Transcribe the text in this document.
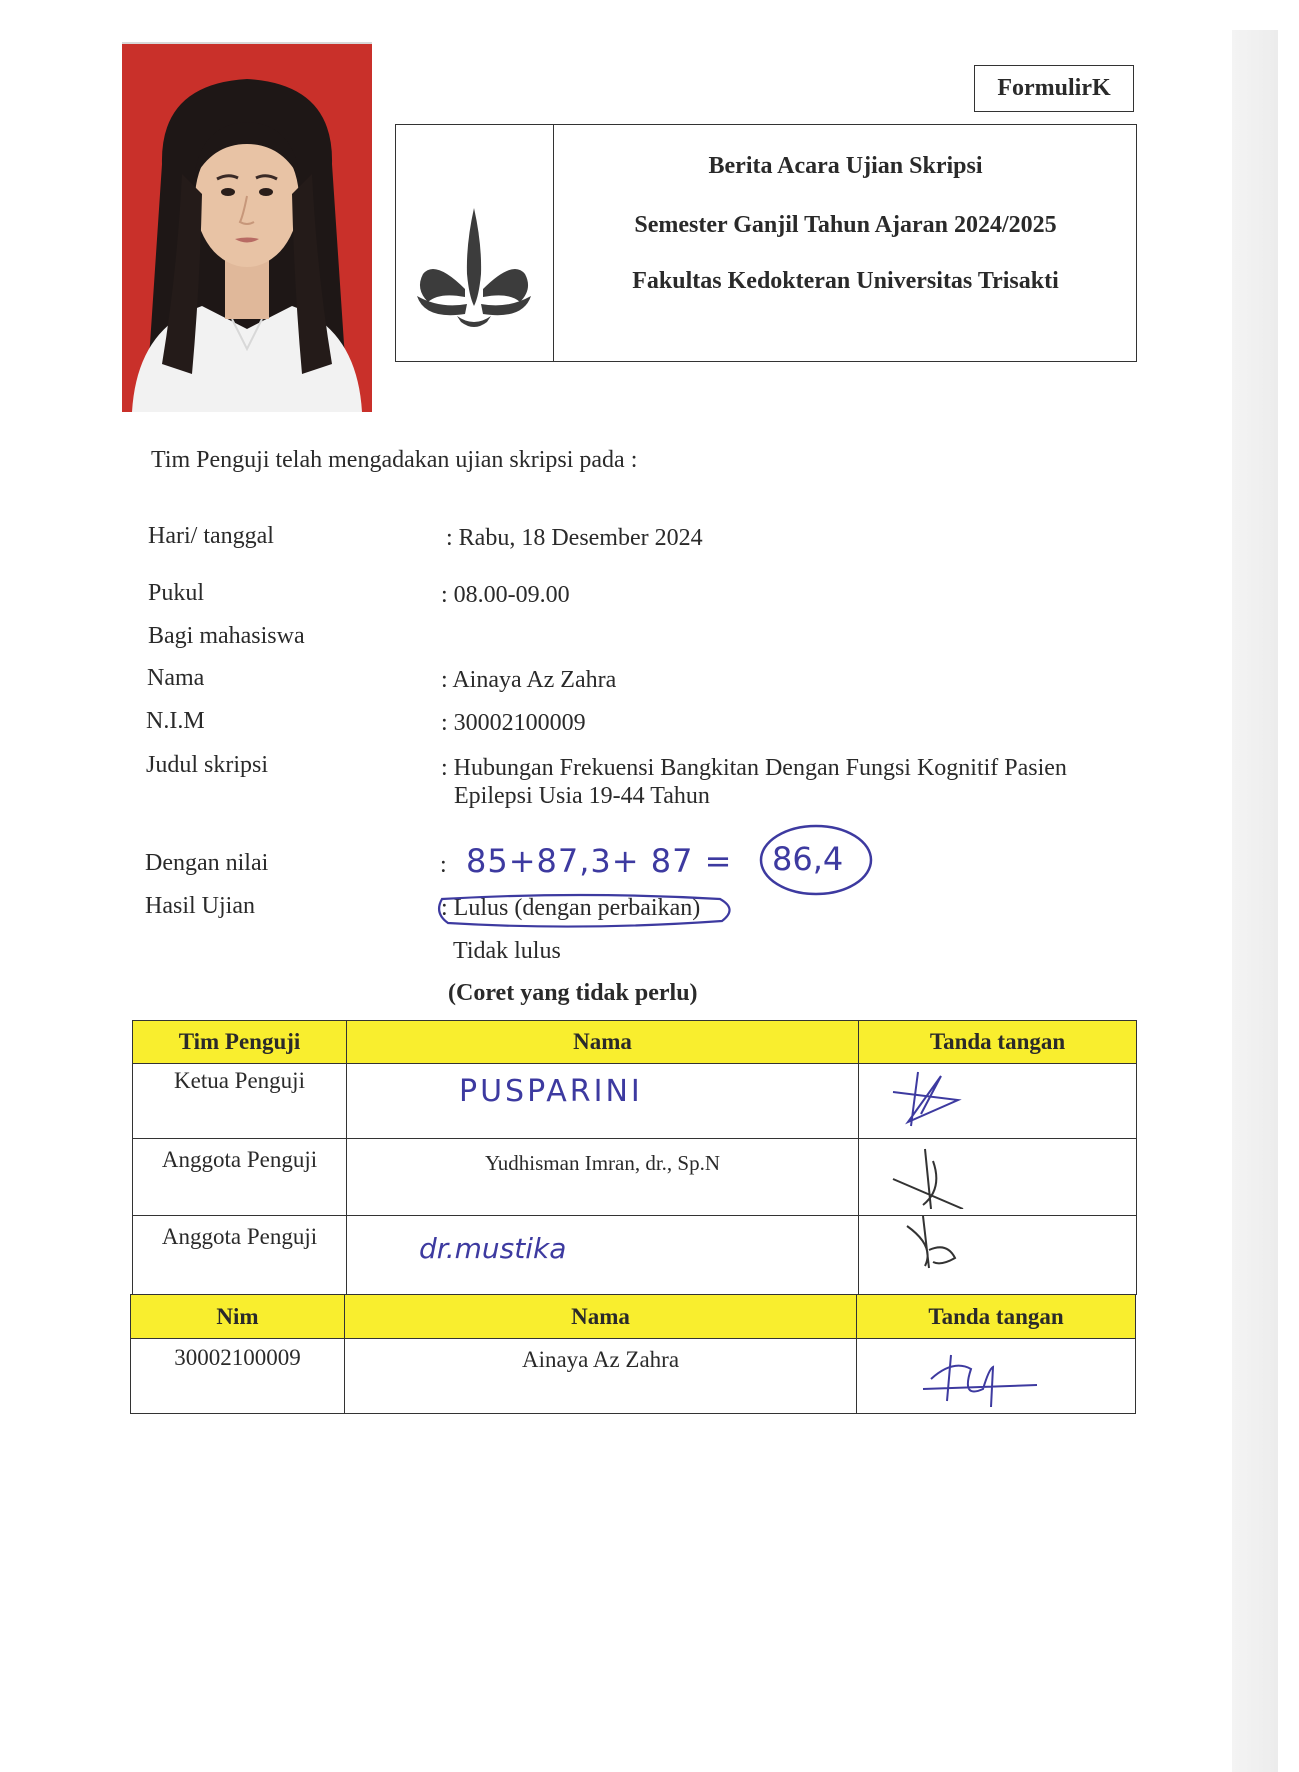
FormulirK
Berita Acara Ujian Skripsi
Semester Ganjil Tahun Ajaran 2024/2025
Fakultas Kedokteran Universitas Trisakti
Tim Penguji telah mengadakan ujian skripsi pada :
Hari/ tanggal	: Rabu, 18 Desember 2024
Pukul	: 08.00-09.00
Bagi mahasiswa
Nama	: Ainaya Az Zahra
N.I.M	: 30002100009
Judul skripsi	: Hubungan Frekuensi Bangkitan Dengan Fungsi Kognitif Pasien
Epilepsi Usia 19-44 Tahun
Dengan nilai	: 85+87,3+ 87 = 86,4
Hasil Ujian	: Lulus (dengan perbaikan)
Tidak lulus
(Coret yang tidak perlu)
Tim Penguji	Nama	Tanda tangan
Ketua Penguji	PUSPARINI	
Anggota Penguji	Yudhisman Imran, dr., Sp.N	
Anggota Penguji	dr.mustika	
Nim	Nama	Tanda tangan
30002100009	Ainaya Az Zahra	
